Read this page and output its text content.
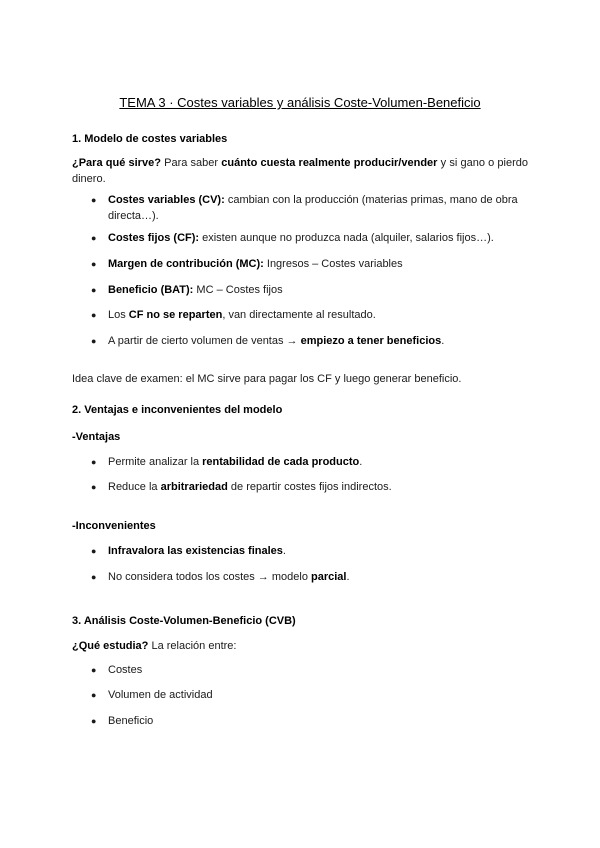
TEMA 3 · Costes variables y análisis Coste-Volumen-Beneficio
1. Modelo de costes variables
¿Para qué sirve? Para saber cuánto cuesta realmente producir/vender y si gano o pierdo dinero.
● Costes variables (CV): cambian con la producción (materias primas, mano de obra directa…).
● Costes fijos (CF): existen aunque no produzca nada (alquiler, salarios fijos…).
● Margen de contribución (MC): Ingresos – Costes variables
● Beneficio (BAT): MC – Costes fijos
● Los CF no se reparten, van directamente al resultado.
● A partir de cierto volumen de ventas → empiezo a tener beneficios.
Idea clave de examen: el MC sirve para pagar los CF y luego generar beneficio.
2. Ventajas e inconvenientes del modelo
-Ventajas
● Permite analizar la rentabilidad de cada producto.
● Reduce la arbitrariedad de repartir costes fijos indirectos.
-Inconvenientes
● Infravalora las existencias finales.
● No considera todos los costes → modelo parcial.
3. Análisis Coste-Volumen-Beneficio (CVB)
¿Qué estudia? La relación entre:
● Costes
● Volumen de actividad
● Beneficio
